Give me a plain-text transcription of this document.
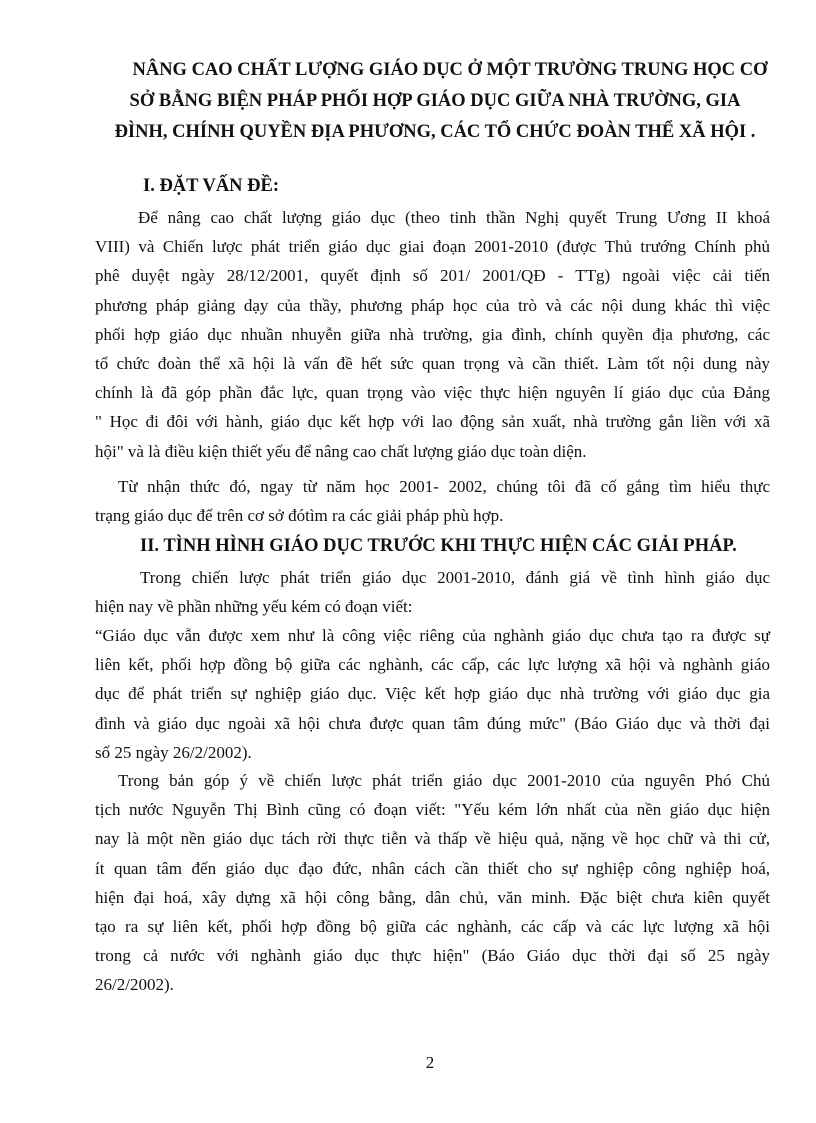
NÂNG CAO CHẤT LƯỢNG GIÁO DỤC Ở MỘT TRƯỜNG TRUNG HỌC CƠ
SỞ BẰNG BIỆN PHÁP PHỐI HỢP GIÁO DỤC GIỮA NHÀ TRƯỜNG, GIA
ĐÌNH, CHÍNH QUYỀN ĐỊA PHƯƠNG, CÁC TỔ CHỨC ĐOÀN THỂ XÃ HỘI .
I. ĐẶT VẤN ĐỀ:
Để nâng cao chất lượng giáo dục (theo tinh thần Nghị quyết Trung Ương II khoá
VIII) và Chiến lược phát triển giáo dục giai đoạn 2001-2010 (được Thủ trướng Chính phủ
phê duyệt ngày 28/12/2001, quyết định số 201/ 2001/QĐ - TTg) ngoài việc cải tiến
phương pháp giảng dạy của thầy, phương pháp học của trò và các nội dung khác thì việc
phối hợp giáo dục nhuần nhuyễn giữa nhà trường, gia đình, chính quyền địa phương, các
tổ chức đoàn thể xã hội là vấn đề hết sức quan trọng và cần thiết. Làm tốt nội dung này
chính là đã góp phần đắc lực, quan trọng vào việc thực hiện nguyên lí giáo dục của Đảng
" Học đi đôi với hành, giáo dục kết hợp với lao động sản xuất, nhà trường gắn liền với xã
hội" và là điều kiện thiết yếu để nâng cao chất lượng giáo dục toàn diện.
Từ nhận thức đó, ngay từ năm học 2001- 2002, chúng tôi đã cố gắng tìm hiểu thực
trạng giáo dục để trên cơ sở đótìm ra các giải pháp phù hợp.
II. TÌNH HÌNH GIÁO DỤC TRƯỚC KHI THỰC HIỆN CÁC GIẢI PHÁP.
Trong chiến lược phát triển giáo dục 2001-2010, đánh giá về tình hình giáo dục
hiện nay về phần những yếu kém có đoạn viết:
“Giáo dục vẫn được xem như là công việc riêng của nghành giáo dục chưa tạo ra được sự
liên kết, phối hợp đồng bộ giữa các nghành, các cấp, các lực lượng xã hội và nghành giáo
dục để phát triển sự nghiệp giáo dục. Việc kết hợp giáo dục nhà trường với giáo dục gia
đình và giáo dục ngoài xã hội chưa được quan tâm đúng mức" (Báo Giáo dục và thời đại
số 25 ngày 26/2/2002).
Trong bản góp ý về chiến lược phát triển giáo dục 2001-2010 của nguyên Phó Chủ
tịch nước Nguyễn Thị Bình cũng có đoạn viết: "Yếu kém lớn nhất của nền giáo dục hiện
nay là một nền giáo dục tách rời thực tiễn và thấp về hiệu quả, nặng về học chữ và thi cử,
ít quan tâm đến giáo dục đạo đức, nhân cách cần thiết cho sự nghiệp công nghiệp hoá,
hiện đại hoá, xây dựng xã hội công bằng, dân chủ, văn minh. Đặc biệt chưa kiên quyết
tạo ra sự liên kết, phối hợp đồng bộ giữa các nghành, các cấp và các lực lượng xã hội
trong cả nước với nghành giáo dục thực hiện" (Báo Giáo dục thời đại số 25 ngày
26/2/2002).
2
